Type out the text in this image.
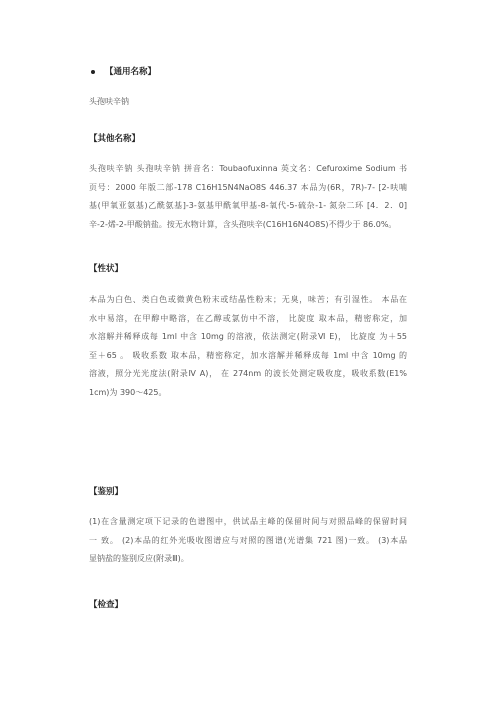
【通用名称】
头孢呋辛钠
【其他名称】
头孢呋辛钠 头孢呋辛钠 拼音名：Toubaofuxinna 英文名：Cefuroxime Sodium 书
页号：2000 年版二部-178 C16H15N4NaO8S 446.37 本品为(6R，7R)-7- [2-呋喃
基(甲氧亚氨基)乙酰氨基]-3-氨基甲酰氧甲基-8-氧代-5-硫杂-1- 氮杂二环 [4．2．0]
辛-2-烯-2-甲酸钠盐。按无水物计算，含头孢呋辛(C16H16N4O8S)不得少于 86.0%。
【性状】
本品为白色、类白色或微黄色粉末或结晶性粉末；无臭，味苦；有引湿性。 本品在
水中易溶，在甲醇中略溶，在乙醇或氯仿中不溶， 比旋度 取本品，精密称定，加
水溶解并稀释成每 1ml 中含 10mg 的溶液，依法测定(附录Ⅵ E)， 比旋度 为＋55
至＋65 。 吸收系数 取本品，精密称定，加水溶解并稀释成每 1ml 中含 10mg 的
溶液，照分光光度法(附录Ⅳ A)， 在 274nm 的波长处测定吸收度，吸收系数(E1%
1cm)为 390～425。
【鉴别】
(1)在含量测定项下记录的色谱图中，供试品主峰的保留时间与对照品峰的保留时间
一 致。 (2)本品的红外光吸收图谱应与对照的图谱(光谱集 721 图)一致。 (3)本品
显钠盐的鉴别反应(附录Ⅲ)。
【检查】
